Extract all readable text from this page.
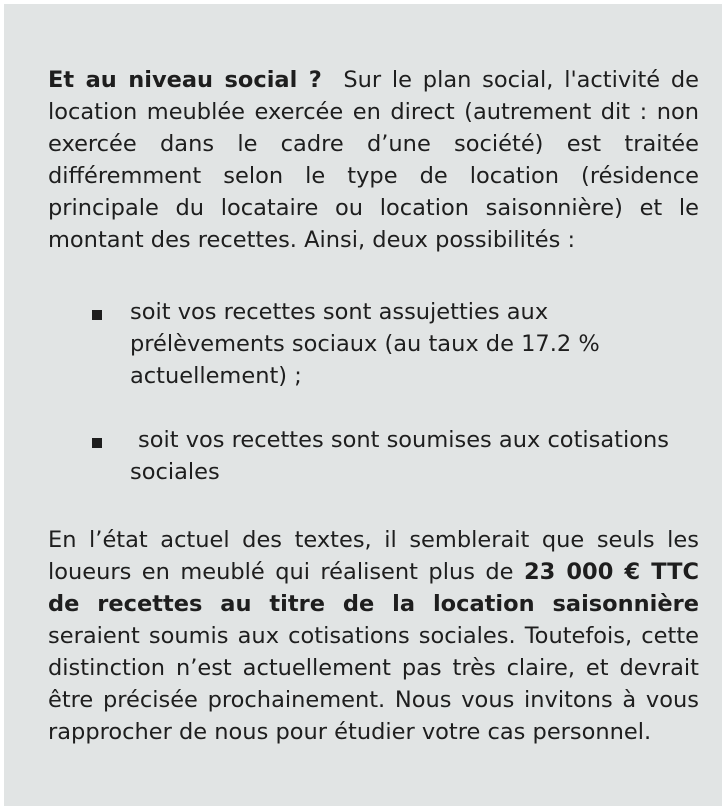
Et au niveau social ? Sur le plan social, l'activité de location meublée exercée en direct (autrement dit : non exercée dans le cadre d’une société) est traitée différemment selon le type de location (résidence principale du locataire ou location saisonnière) et le montant des recettes. Ainsi, deux possibilités :

soit vos recettes sont assujetties aux prélèvements sociaux (au taux de 17.2 % actuellement) ;
soit vos recettes sont soumises aux cotisations sociales

En l’état actuel des textes, il semblerait que seuls les loueurs en meublé qui réalisent plus de 23 000 € TTC de recettes au titre de la location saisonnière seraient soumis aux cotisations sociales. Toutefois, cette distinction n’est actuellement pas très claire, et devrait être précisée prochainement. Nous vous invitons à vous rapprocher de nous pour étudier votre cas personnel.
